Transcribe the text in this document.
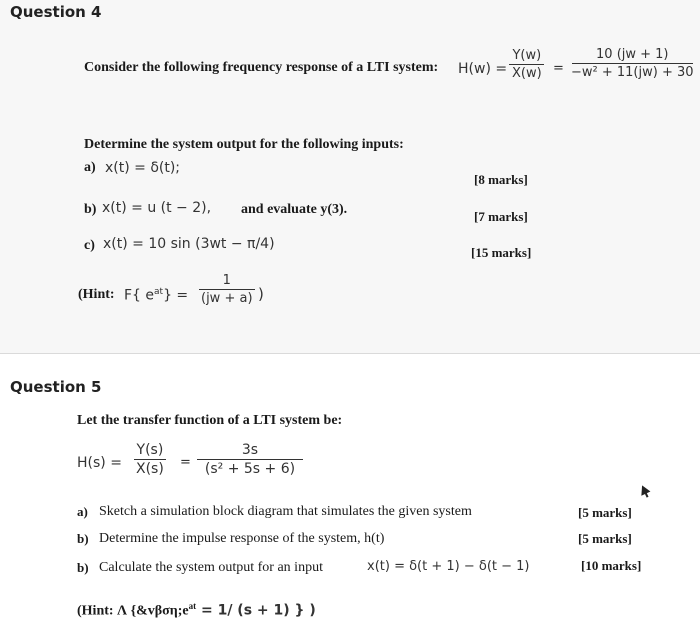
Question 4
Consider the following frequency response of a LTI system: $H(w) = \frac{Y(w)}{X(w)} = \frac{10 (jw + 1)}{\text{−w² + 11(jw) + 30}}$
Determine the system output for the following inputs:
a) x(t) = δ(t);
[8 marks]
b) x(t) = u (t − 2), and evaluate y(3).	[7 marks]
c) x(t) = 10 sin (3wt − π/4)
[15 marks]
(Hint: F{ $e^{at}\} = \frac{1}{(jw + a)}$ )
Question 5
Let the transfer function of a LTI system be:
$H(s) = \frac{Y(s)}{X(s)} = \frac{3s}{\text{(s² + 5s + 6)}}$
a) Sketch a simulation block diagram that simulates the given system	[5 marks]
b) Determine the impulse response of the system, h(t)	[5 marks]
b) Calculate the system output for an input	x(t) = δ(t + 1) − δ(t − 1)	[10 marks]
(Hint: Λ {$\&v\beta\sigma\eta;e^{at} = 1/$ (s + 1) } )
